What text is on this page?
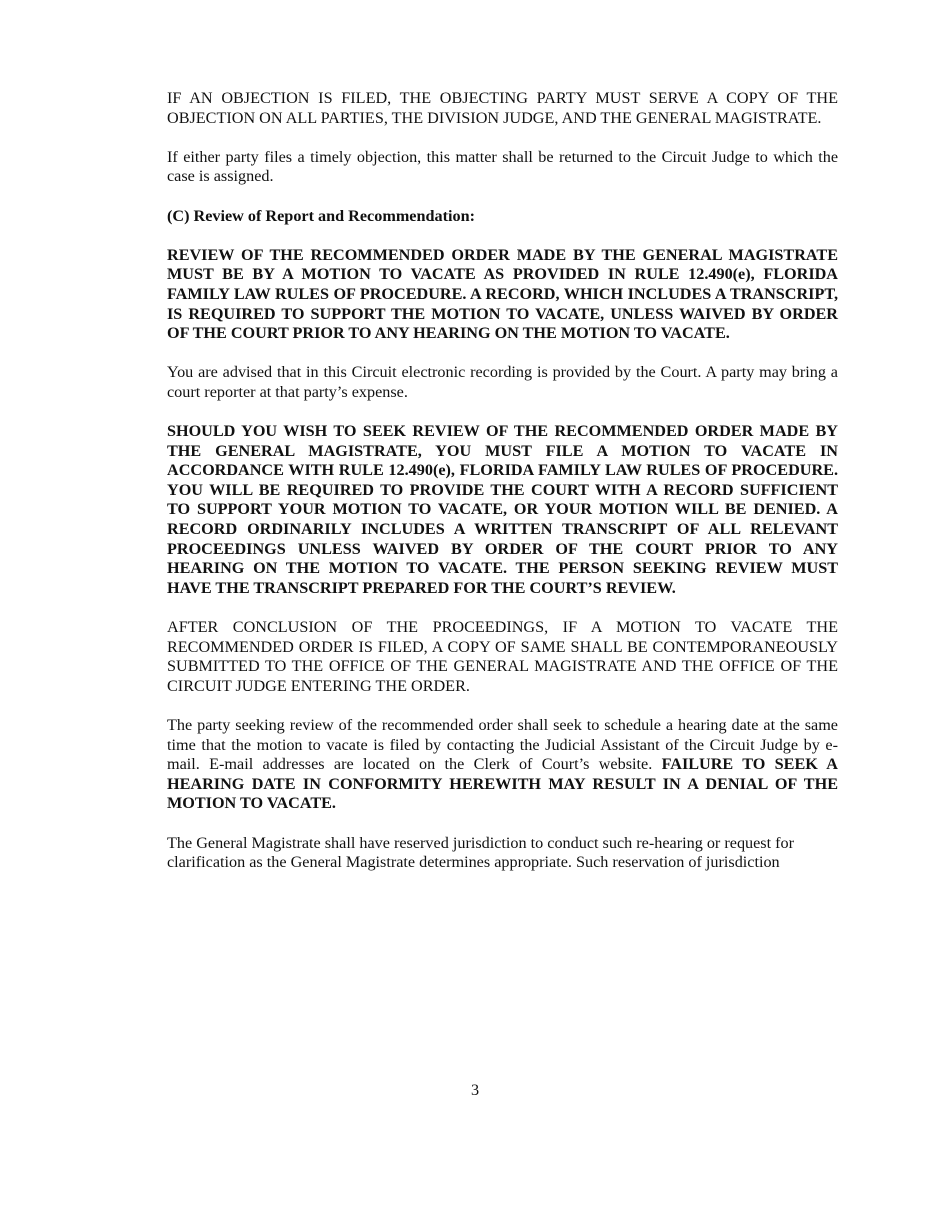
IF AN OBJECTION IS FILED, THE OBJECTING PARTY MUST SERVE A COPY OF THE OBJECTION ON ALL PARTIES, THE DIVISION JUDGE, AND THE GENERAL MAGISTRATE.

If either party files a timely objection, this matter shall be returned to the Circuit Judge to which the case is assigned.

(C) Review of Report and Recommendation:

REVIEW OF THE RECOMMENDED ORDER MADE BY THE GENERAL MAGISTRATE MUST BE BY A MOTION TO VACATE AS PROVIDED IN RULE 12.490(e), FLORIDA FAMILY LAW RULES OF PROCEDURE. A RECORD, WHICH INCLUDES A TRANSCRIPT, IS REQUIRED TO SUPPORT THE MOTION TO VACATE, UNLESS WAIVED BY ORDER OF THE COURT PRIOR TO ANY HEARING ON THE MOTION TO VACATE.

You are advised that in this Circuit electronic recording is provided by the Court. A party may bring a court reporter at that party’s expense.

SHOULD YOU WISH TO SEEK REVIEW OF THE RECOMMENDED ORDER MADE BY THE GENERAL MAGISTRATE, YOU MUST FILE A MOTION TO VACATE IN ACCORDANCE WITH RULE 12.490(e), FLORIDA FAMILY LAW RULES OF PROCEDURE. YOU WILL BE REQUIRED TO PROVIDE THE COURT WITH A RECORD SUFFICIENT TO SUPPORT YOUR MOTION TO VACATE, OR YOUR MOTION WILL BE DENIED. A RECORD ORDINARILY INCLUDES A WRITTEN TRANSCRIPT OF ALL RELEVANT PROCEEDINGS UNLESS WAIVED BY ORDER OF THE COURT PRIOR TO ANY HEARING ON THE MOTION TO VACATE. THE PERSON SEEKING REVIEW MUST HAVE THE TRANSCRIPT PREPARED FOR THE COURT’S REVIEW.

AFTER CONCLUSION OF THE PROCEEDINGS, IF A MOTION TO VACATE THE RECOMMENDED ORDER IS FILED, A COPY OF SAME SHALL BE CONTEMPORANEOUSLY SUBMITTED TO THE OFFICE OF THE GENERAL MAGISTRATE AND THE OFFICE OF THE CIRCUIT JUDGE ENTERING THE ORDER.

The party seeking review of the recommended order shall seek to schedule a hearing date at the same time that the motion to vacate is filed by contacting the Judicial Assistant of the Circuit Judge by e-mail. E-mail addresses are located on the Clerk of Court’s website. FAILURE TO SEEK A HEARING DATE IN CONFORMITY HEREWITH MAY RESULT IN A DENIAL OF THE MOTION TO VACATE.

The General Magistrate shall have reserved jurisdiction to conduct such re-hearing or request for clarification as the General Magistrate determines appropriate. Such reservation of jurisdiction

3
